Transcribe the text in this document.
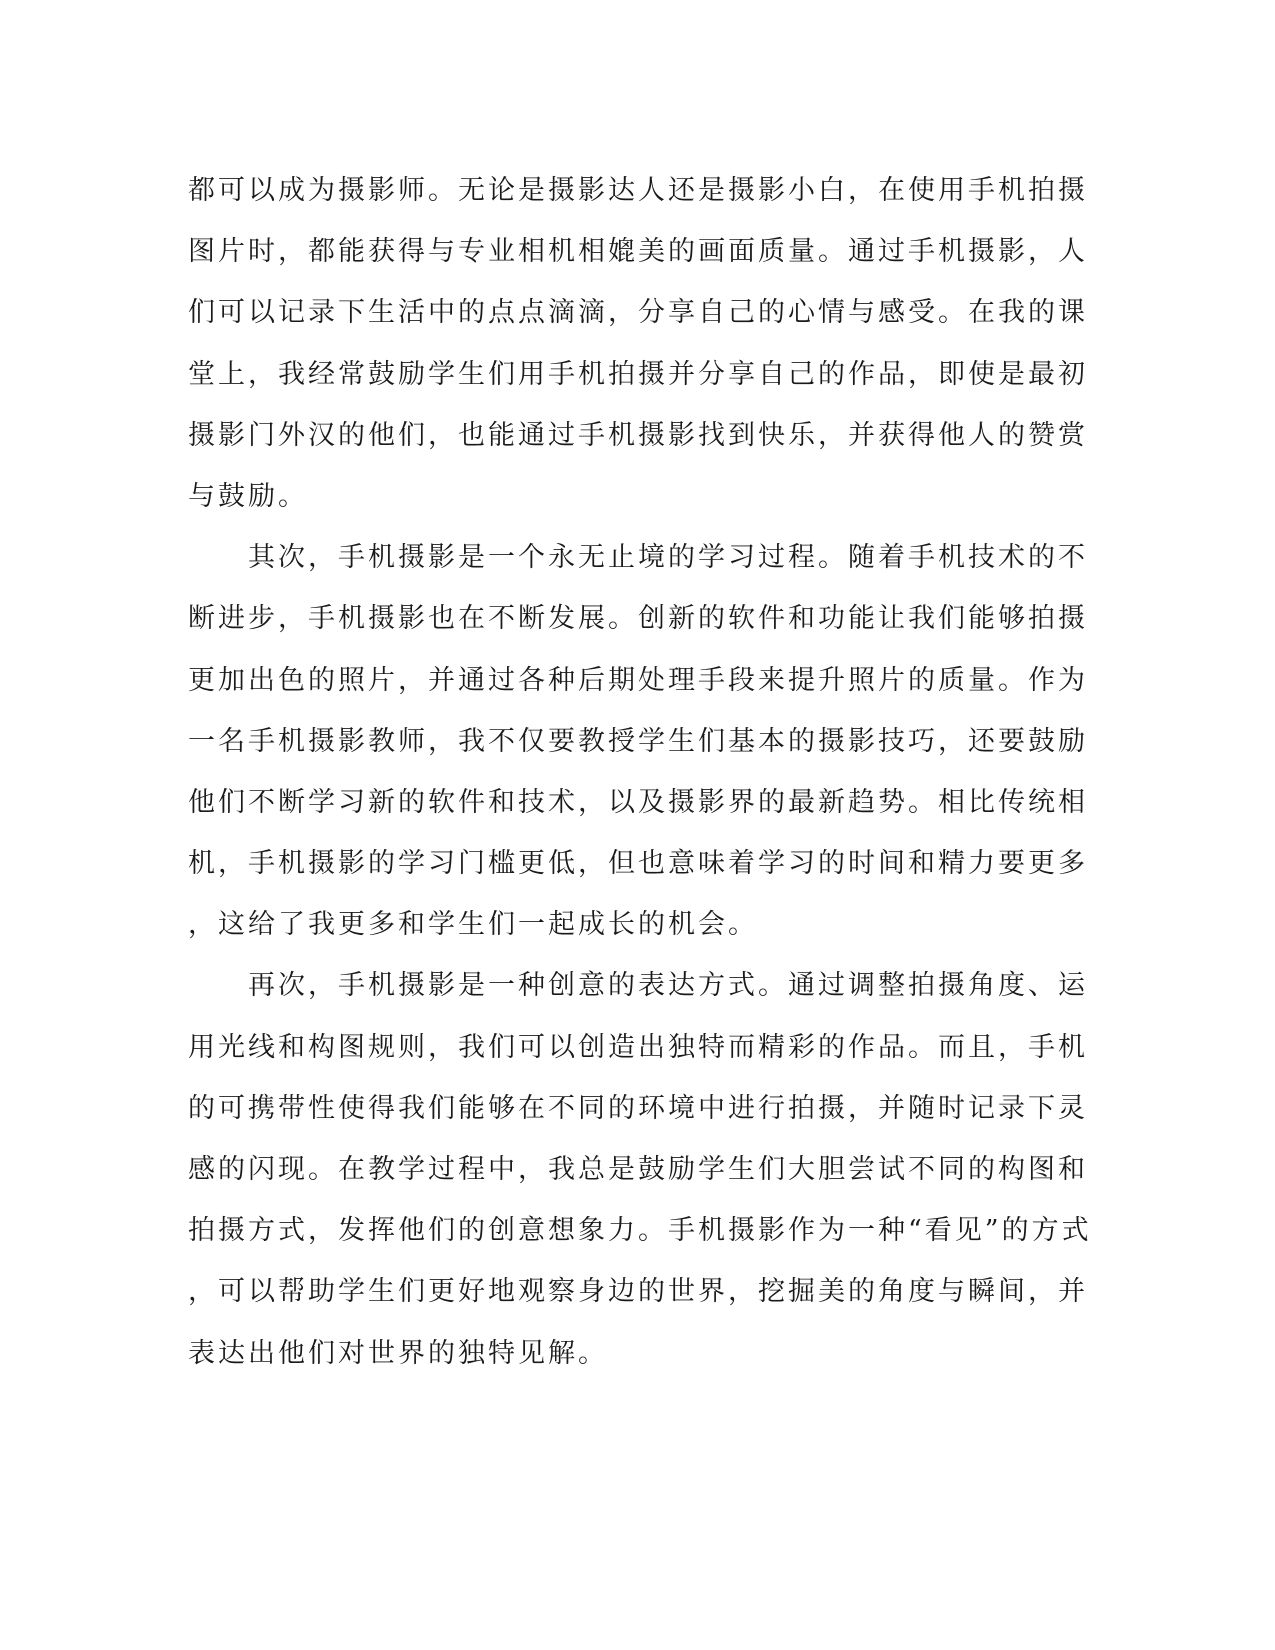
都可以成为摄影师。无论是摄影达人还是摄影小白，在使用手机拍摄
图片时，都能获得与专业相机相媲美的画面质量。通过手机摄影，人
们可以记录下生活中的点点滴滴，分享自己的心情与感受。在我的课
堂上，我经常鼓励学生们用手机拍摄并分享自己的作品，即使是最初
摄影门外汉的他们，也能通过手机摄影找到快乐，并获得他人的赞赏
与鼓励。
　　其次，手机摄影是一个永无止境的学习过程。随着手机技术的不
断进步，手机摄影也在不断发展。创新的软件和功能让我们能够拍摄
更加出色的照片，并通过各种后期处理手段来提升照片的质量。作为
一名手机摄影教师，我不仅要教授学生们基本的摄影技巧，还要鼓励
他们不断学习新的软件和技术，以及摄影界的最新趋势。相比传统相
机，手机摄影的学习门槛更低，但也意味着学习的时间和精力要更多
，这给了我更多和学生们一起成长的机会。
　　再次，手机摄影是一种创意的表达方式。通过调整拍摄角度、运
用光线和构图规则，我们可以创造出独特而精彩的作品。而且，手机
的可携带性使得我们能够在不同的环境中进行拍摄，并随时记录下灵
感的闪现。在教学过程中，我总是鼓励学生们大胆尝试不同的构图和
拍摄方式，发挥他们的创意想象力。手机摄影作为一种“看见”的方式
，可以帮助学生们更好地观察身边的世界，挖掘美的角度与瞬间，并
表达出他们对世界的独特见解。
